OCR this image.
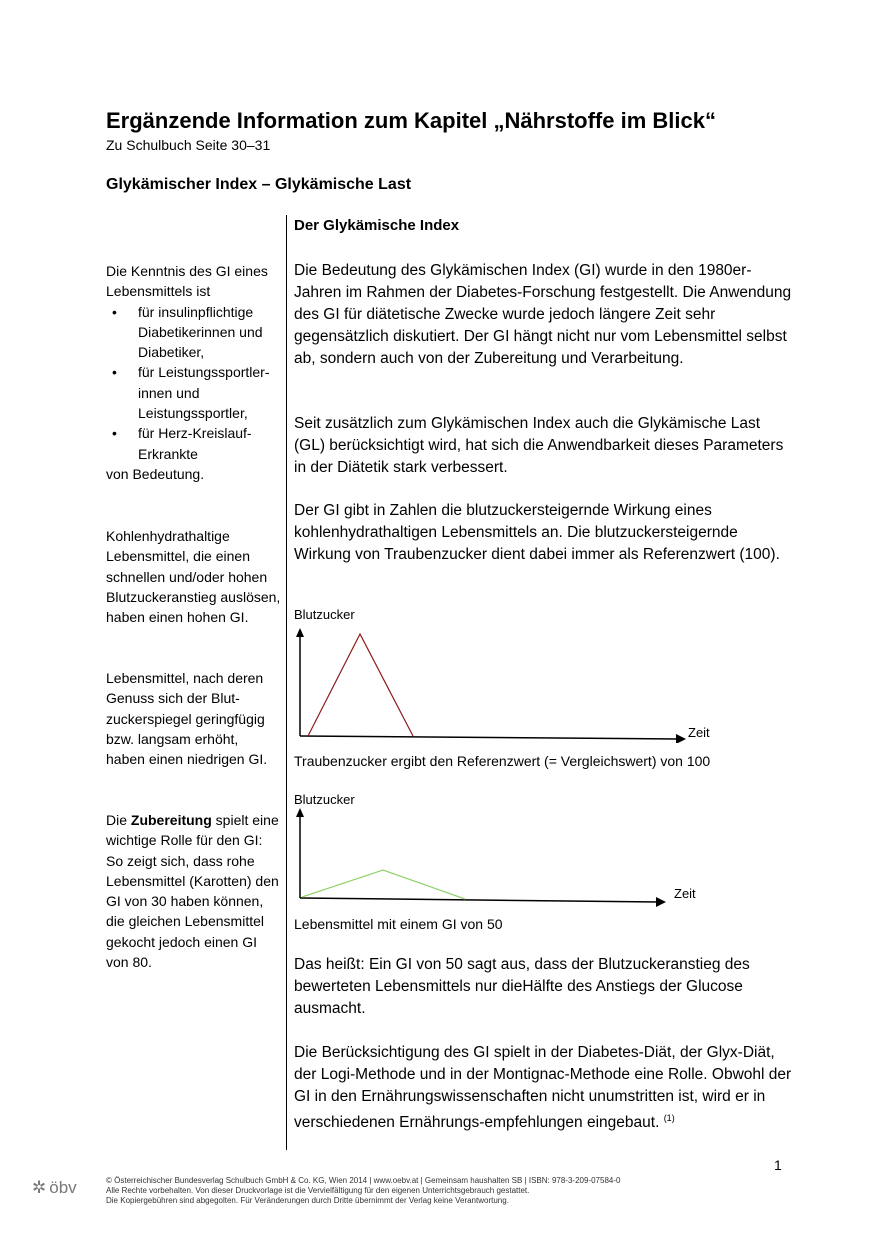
Ergänzende Information zum Kapitel „Nährstoffe im Blick“
Zu Schulbuch Seite 30–31
Glykämischer Index – Glykämische Last

Die Kenntnis des GI eines Lebensmittels ist

• für insulinpflichtige Diabetikerinnen und Diabetiker,
• für Leistungssportler-innen und Leistungssportler,
• für Herz-Kreislauf-Erkrankte

von Bedeutung.

Kohlenhydrathaltige Lebensmittel, die einen schnellen und/oder hohen Blutzuckeranstieg auslösen, haben einen hohen GI.

Lebensmittel, nach deren Genuss sich der Blut-zuckerspiegel geringfügig bzw. langsam erhöht, haben einen niedrigen GI.

Die Zubereitung spielt eine wichtige Rolle für den GI: So zeigt sich, dass rohe Lebensmittel (Karotten) den GI von 30 haben können, die gleichen Lebensmittel gekocht jedoch einen GI von 80.

Der Glykämische Index

Die Bedeutung des Glykämischen Index (GI) wurde in den 1980er-Jahren im Rahmen der Diabetes-Forschung festgestellt. Die Anwendung des GI für diätetische Zwecke wurde jedoch längere Zeit sehr gegensätzlich diskutiert. Der GI hängt nicht nur vom Lebensmittel selbst ab, sondern auch von der Zubereitung und Verarbeitung.

Seit zusätzlich zum Glykämischen Index auch die Glykämische Last (GL) berücksichtigt wird, hat sich die Anwendbarkeit dieses Parameters in der Diätetik stark verbessert.

Der GI gibt in Zahlen die blutzuckersteigernde Wirkung eines kohlenhydrathaltigen Lebensmittels an. Die blutzuckersteigernde Wirkung von Traubenzucker dient dabei immer als Referenzwert (100).

Blutzucker
Zeit
Traubenzucker ergibt den Referenzwert (= Vergleichswert) von 100
Blutzucker
Zeit
Lebensmittel mit einem GI von 50

Das heißt: Ein GI von 50 sagt aus, dass der Blutzuckeranstieg des bewerteten Lebensmittels nur dieHälfte des Anstiegs der Glucose ausmacht.

Die Berücksichtigung des GI spielt in der Diabetes-Diät, der Glyx-Diät, der Logi-Methode und in der Montignac-Methode eine Rolle. Obwohl der GI in den Ernährungswissenschaften nicht unumstritten ist, wird er in verschiedenen Ernährungs-empfehlungen eingebaut. $^{(1)}$

1
✲ öbv	© Österreichischer Bundesverlag Schulbuch GmbH & Co. KG, Wien 2014 | www.oebv.at | Gemeinsam haushalten SB | ISBN: 978-3-209-07584-0
Alle Rechte vorbehalten. Von dieser Druckvorlage ist die Vervielfältigung für den eigenen Unterrichtsgebrauch gestattet.
Die Kopiergebühren sind abgegolten. Für Veränderungen durch Dritte übernimmt der Verlag keine Verantwortung.
